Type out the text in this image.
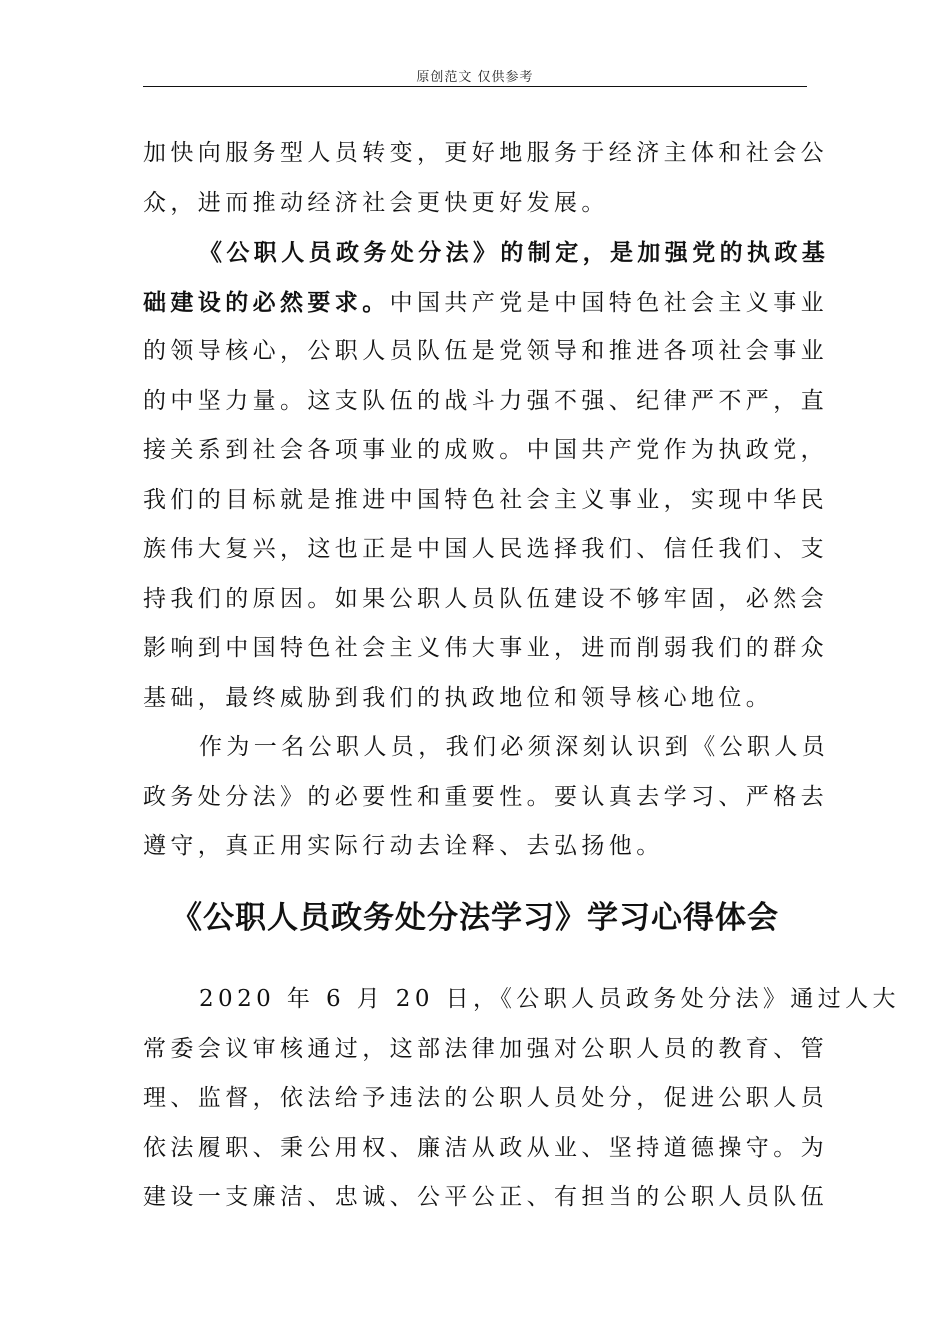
原创范文 仅供参考
加快向服务型人员转变，更好地服务于经济主体和社会公
众，进而推动经济社会更快更好发展。
《公职人员政务处分法》的制定，是加强党的执政基
础建设的必然要求。中国共产党是中国特色社会主义事业
的领导核心，公职人员队伍是党领导和推进各项社会事业
的中坚力量。这支队伍的战斗力强不强、纪律严不严，直
接关系到社会各项事业的成败。中国共产党作为执政党，
我们的目标就是推进中国特色社会主义事业，实现中华民
族伟大复兴，这也正是中国人民选择我们、信任我们、支
持我们的原因。如果公职人员队伍建设不够牢固，必然会
影响到中国特色社会主义伟大事业，进而削弱我们的群众
基础，最终威胁到我们的执政地位和领导核心地位。
作为一名公职人员，我们必须深刻认识到《公职人员
政务处分法》的必要性和重要性。要认真去学习、严格去
遵守，真正用实际行动去诠释、去弘扬他。
《公职人员政务处分法学习》学习心得体会
2020 年 6 月 20 日，《公职人员政务处分法》通过人大
常委会议审核通过，这部法律加强对公职人员的教育、管
理、监督，依法给予违法的公职人员处分，促进公职人员
依法履职、秉公用权、廉洁从政从业、坚持道德操守。为
建设一支廉洁、忠诚、公平公正、有担当的公职人员队伍
